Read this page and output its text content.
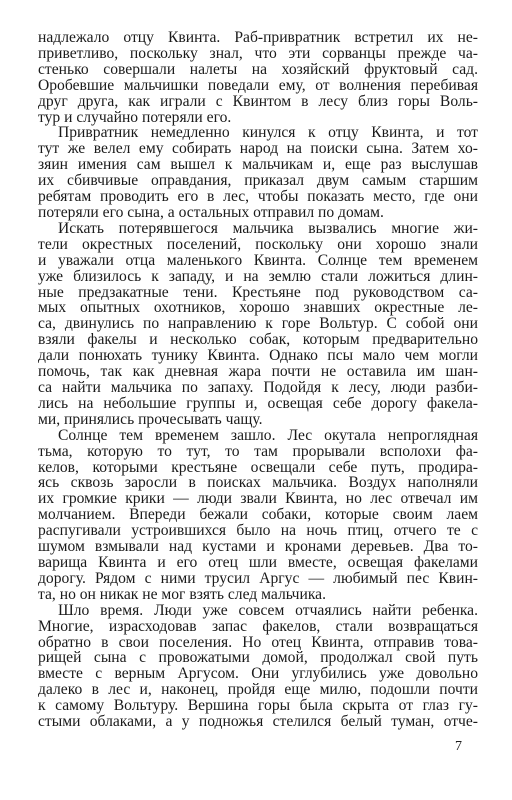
надлежало отцу Квинта. Раб-привратник встретил их не-
приветливо, поскольку знал, что эти сорванцы прежде ча-
стенько совершали налеты на хозяйский фруктовый сад.
Оробевшие мальчишки поведали ему, от волнения перебивая
друг друга, как играли с Квинтом в лесу близ горы Воль-
тур и случайно потеряли его.
Привратник немедленно кинулся к отцу Квинта, и тот
тут же велел ему собирать народ на поиски сына. Затем хо-
зяин имения сам вышел к мальчикам и, еще раз выслушав
их сбивчивые оправдания, приказал двум самым старшим
ребятам проводить его в лес, чтобы показать место, где они
потеряли его сына, а остальных отправил по домам.
Искать потерявшегося мальчика вызвались многие жи-
тели окрестных поселений, поскольку они хорошо знали
и уважали отца маленького Квинта. Солнце тем временем
уже близилось к западу, и на землю стали ложиться длин-
ные предзакатные тени. Крестьяне под руководством са-
мых опытных охотников, хорошо знавших окрестные ле-
са, двинулись по направлению к горе Вольтур. С собой они
взяли факелы и несколько собак, которым предварительно
дали понюхать тунику Квинта. Однако псы мало чем могли
помочь, так как дневная жара почти не оставила им шан-
са найти мальчика по запаху. Подойдя к лесу, люди разби-
лись на небольшие группы и, освещая себе дорогу факела-
ми, принялись прочесывать чащу.
Солнце тем временем зашло. Лес окутала непроглядная
тьма, которую то тут, то там прорывали всполохи фа-
келов, которыми крестьяне освещали себе путь, продира-
ясь сквозь заросли в поисках мальчика. Воздух наполняли
их громкие крики — люди звали Квинта, но лес отвечал им
молчанием. Впереди бежали собаки, которые своим лаем
распугивали устроившихся было на ночь птиц, отчего те с
шумом взмывали над кустами и кронами деревьев. Два то-
варища Квинта и его отец шли вместе, освещая факелами
дорогу. Рядом с ними трусил Аргус — любимый пес Квин-
та, но он никак не мог взять след мальчика.
Шло время. Люди уже совсем отчаялись найти ребенка.
Многие, израсходовав запас факелов, стали возвращаться
обратно в свои поселения. Но отец Квинта, отправив това-
рищей сына с провожатыми домой, продолжал свой путь
вместе с верным Аргусом. Они углубились уже довольно
далеко в лес и, наконец, пройдя еще милю, подошли почти
к самому Вольтуру. Вершина горы была скрыта от глаз гу-
стыми облаками, а у подножья стелился белый туман, отче-
7
